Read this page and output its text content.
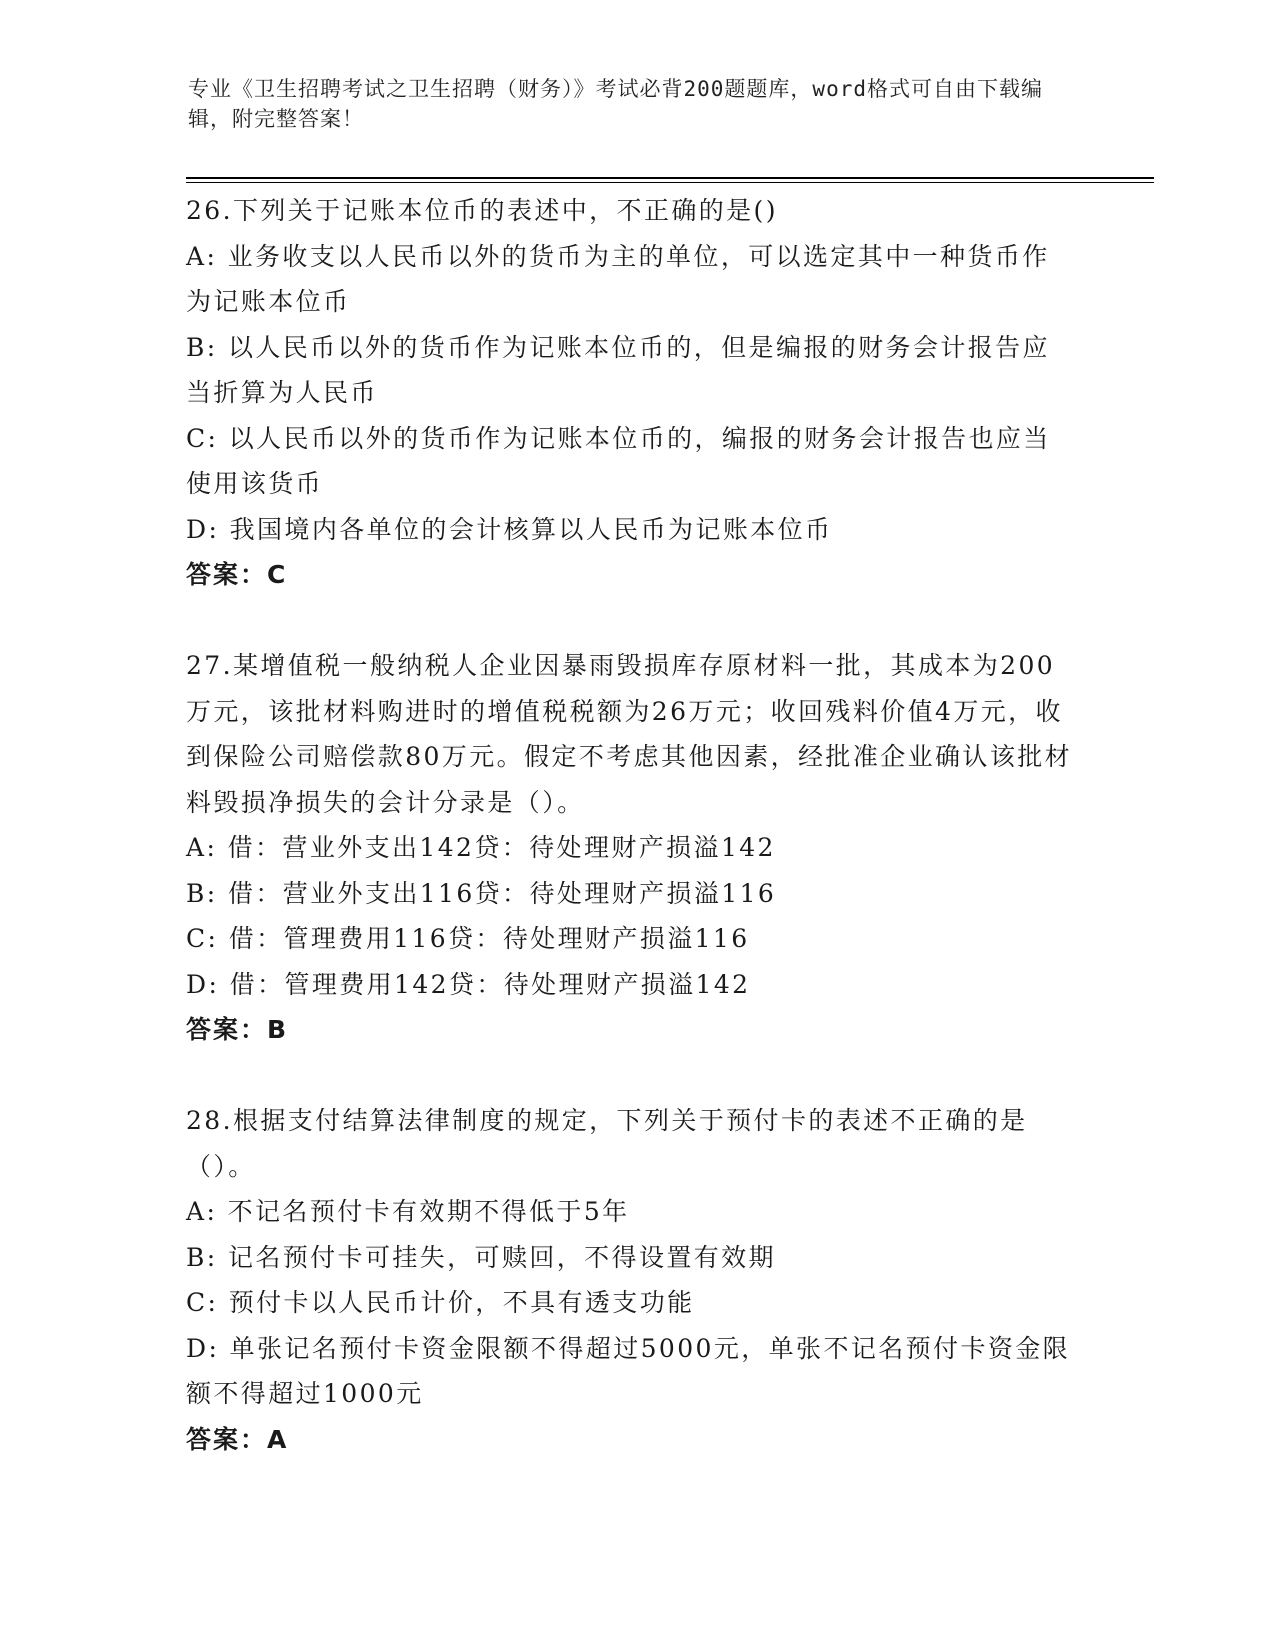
专业《卫生招聘考试之卫生招聘（财务）》考试必背200题题库，word格式可自由下载编辑，附完整答案！
26.下列关于记账本位币的表述中，不正确的是()
A: 业务收支以人民币以外的货币为主的单位，可以选定其中一种货币作为记账本位币
B: 以人民币以外的货币作为记账本位币的，但是编报的财务会计报告应当折算为人民币
C: 以人民币以外的货币作为记账本位币的，编报的财务会计报告也应当使用该货币
D: 我国境内各单位的会计核算以人民币为记账本位币
答案：C
27.某增值税一般纳税人企业因暴雨毁损库存原材料一批，其成本为200万元，该批材料购进时的增值税税额为26万元；收回残料价值4万元，收到保险公司赔偿款80万元。假定不考虑其他因素，经批准企业确认该批材料毁损净损失的会计分录是（）。
A: 借：营业外支出142贷：待处理财产损溢142
B: 借：营业外支出116贷：待处理财产损溢116
C: 借：管理费用116贷：待处理财产损溢116
D: 借：管理费用142贷：待处理财产损溢142
答案：B
28.根据支付结算法律制度的规定，下列关于预付卡的表述不正确的是（）。
A: 不记名预付卡有效期不得低于5年
B: 记名预付卡可挂失，可赎回，不得设置有效期
C: 预付卡以人民币计价，不具有透支功能
D: 单张记名预付卡资金限额不得超过5000元，单张不记名预付卡资金限额不得超过1000元
答案：A
